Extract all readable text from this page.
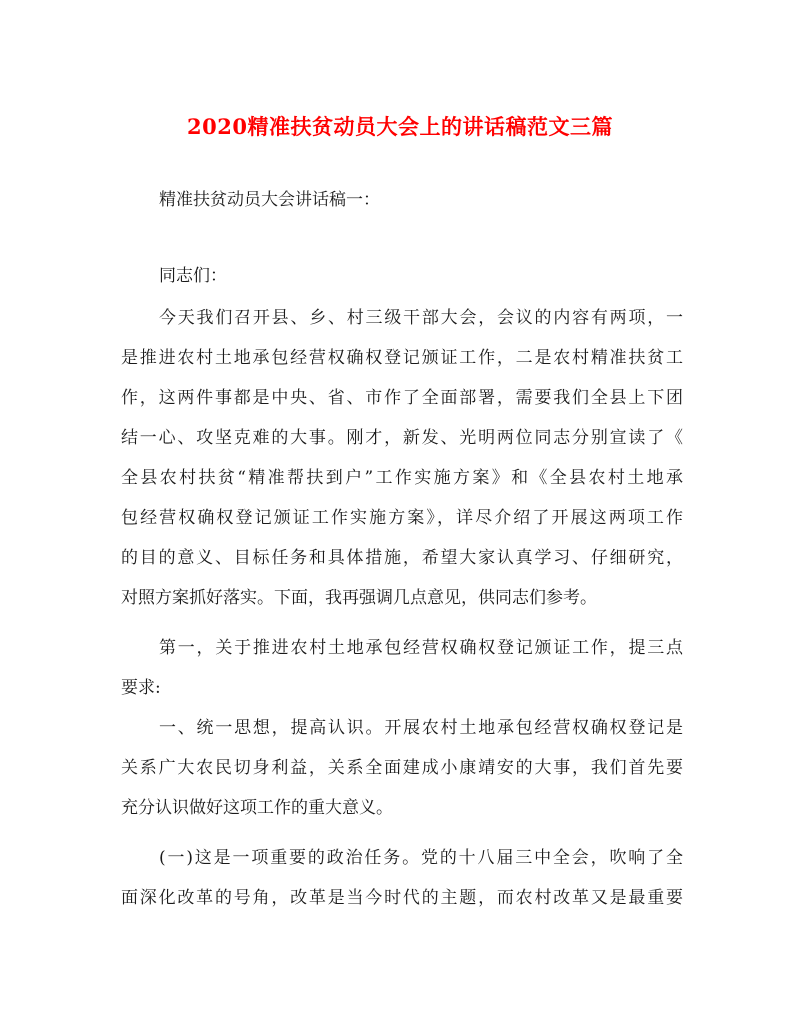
2020精准扶贫动员大会上的讲话稿范文三篇
精准扶贫动员大会讲话稿一：
同志们：
今天我们召开县、乡、村三级干部大会，会议的内容有两项，一
是推进农村土地承包经营权确权登记颁证工作，二是农村精准扶贫工
作，这两件事都是中央、省、市作了全面部署，需要我们全县上下团
结一心、攻坚克难的大事。刚才，新发、光明两位同志分别宣读了《
全县农村扶贫“精准帮扶到户”工作实施方案》和《全县农村土地承
包经营权确权登记颁证工作实施方案》，详尽介绍了开展这两项工作
的目的意义、目标任务和具体措施，希望大家认真学习、仔细研究，
对照方案抓好落实。下面，我再强调几点意见，供同志们参考。
第一，关于推进农村土地承包经营权确权登记颁证工作，提三点
要求:
一、统一思想，提高认识。开展农村土地承包经营权确权登记是
关系广大农民切身利益，关系全面建成小康靖安的大事，我们首先要
充分认识做好这项工作的重大意义。
(一)这是一项重要的政治任务。党的十八届三中全会，吹响了全
面深化改革的号角，改革是当今时代的主题，而农村改革又是最重要
